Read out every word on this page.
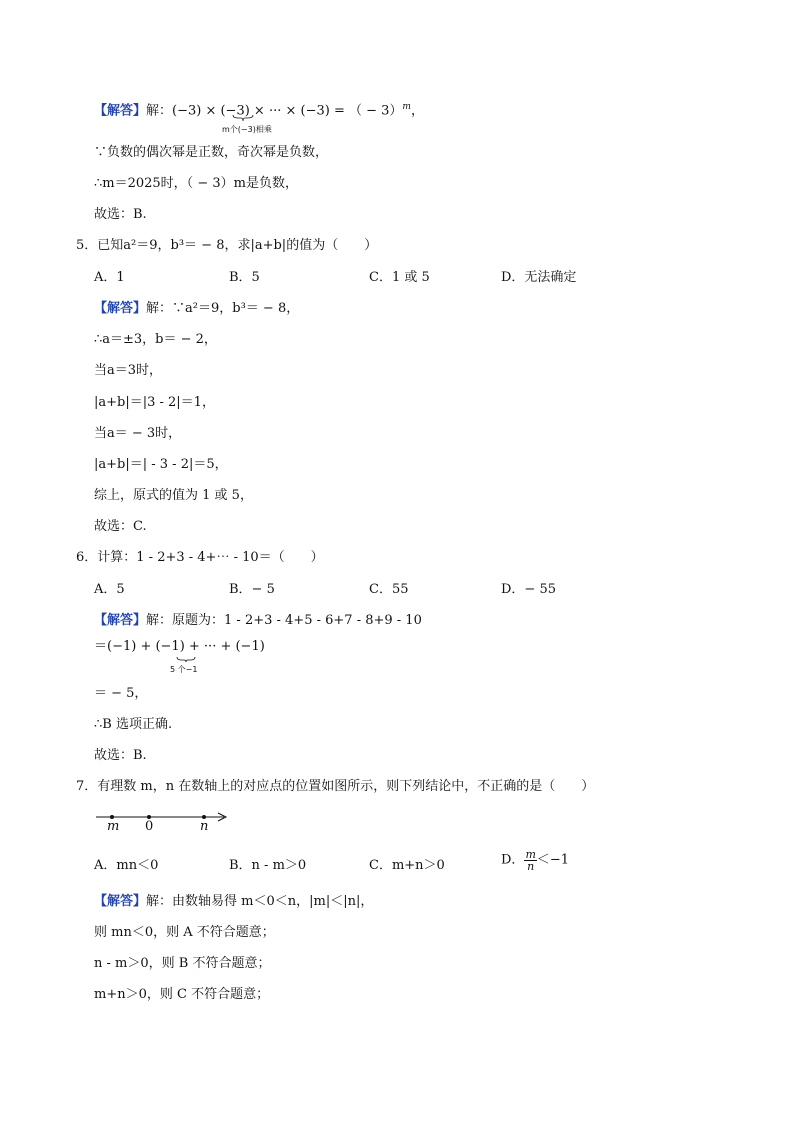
【解答】解：(−3) × (−3) × ··· × (−3) = （ − 3）$^m$，
m个(−3)相乘
∵负数的偶次幂是正数，奇次幂是负数，
∴m＝2025时，（ − 3）m是负数，
故选：B.
5．已知a²＝9，b³＝ − 8，求|a+b|的值为（　　）
A．1	B．5	C．1 或 5	D．无法确定
【解答】解：∵a²＝9，b³＝ − 8，
∴a＝±3，b＝ − 2，
当a＝3时，
|a+b|＝|3 - 2|＝1，
当a＝ − 3时，
|a+b|＝| - 3 - 2|＝5，
综上，原式的值为 1 或 5，
故选：C.
6．计算：1 - 2+3 - 4+⋯ - 10＝（　　）
A．5	B．− 5	C．55	D．− 55
【解答】解：原题为：1 - 2+3 - 4+5 - 6+7 - 8+9 - 10
＝(−1) + (−1) + ··· + (−1)
5 个−1
＝ − 5，
∴B 选项正确.
故选：B.
7．有理数 m，n 在数轴上的对应点的位置如图所示，则下列结论中，不正确的是（　　）
m 0	n
A．mn＜0	B．n - m＞0	C．m+n＞0	D． $\frac{m}{n} <-1$
【解答】解：由数轴易得 m＜0＜n，|m|＜|n|，
则 mn＜0，则 A 不符合题意；
n - m＞0，则 B 不符合题意；
m+n＞0，则 C 不符合题意；
